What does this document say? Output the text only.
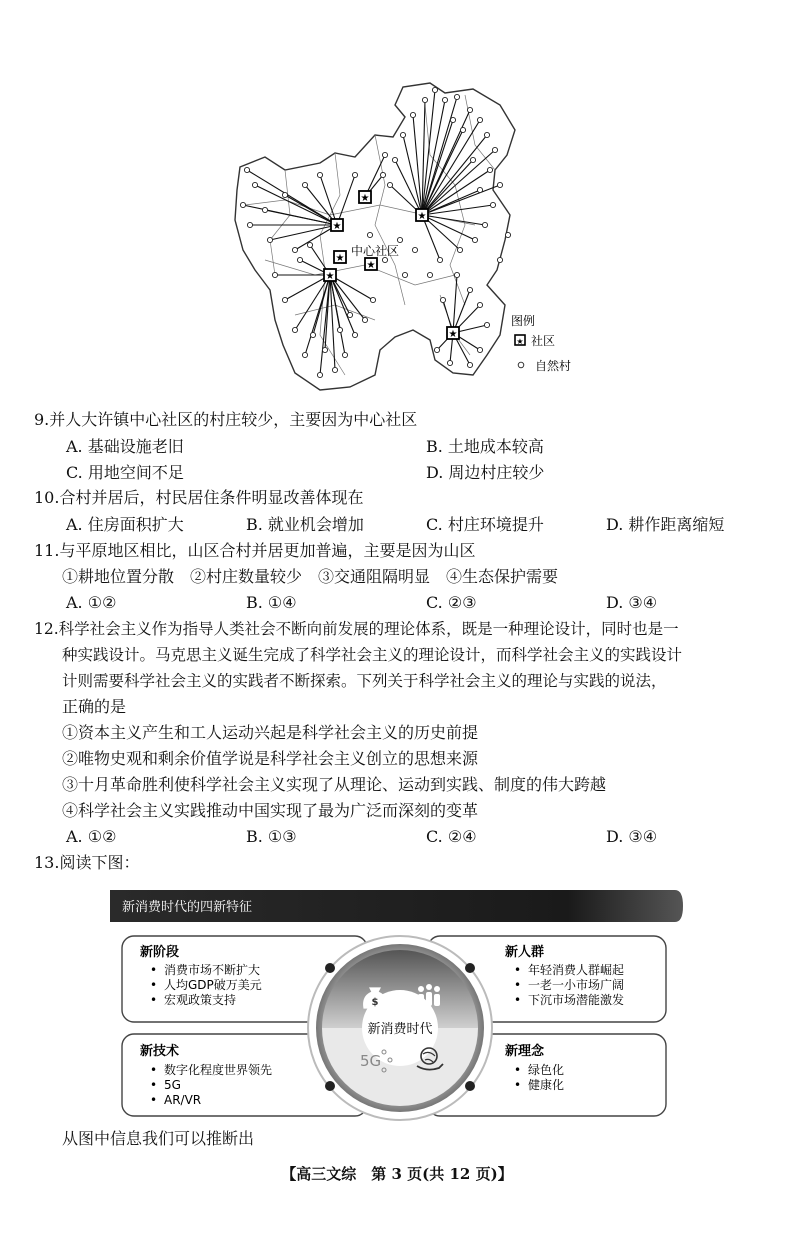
★
★
★
★
★
★
★
中心社区
图例
★ 社区
自然村
9.并人大许镇中心社区的村庄较少，主要因为中心社区
A. 基础设施老旧	B. 土地成本较高
C. 用地空间不足	D. 周边村庄较少
10.合村并居后，村民居住条件明显改善体现在
A. 住房面积扩大	B. 就业机会增加	C. 村庄环境提升	D. 耕作距离缩短
11.与平原地区相比，山区合村并居更加普遍，主要是因为山区
①耕地位置分散　②村庄数量较少　③交通阻隔明显　④生态保护需要
A. ①②	B. ①④	C. ②③	D. ③④
12.科学社会主义作为指导人类社会不断向前发展的理论体系，既是一种理论设计，同时也是一
种实践设计。马克思主义诞生完成了科学社会主义的理论设计，而科学社会主义的实践设计
计则需要科学社会主义的实践者不断探索。下列关于科学社会主义的理论与实践的说法，
正确的是
①资本主义产生和工人运动兴起是科学社会主义的历史前提
②唯物史观和剩余价值学说是科学社会主义创立的思想来源
③十月革命胜利使科学社会主义实现了从理论、运动到实践、制度的伟大跨越
④科学社会主义实践推动中国实现了最为广泛而深刻的变革
A. ①②	B. ①③	C. ②④	D. ③④
13.阅读下图：
新消费时代的四新特征
新消费时代
$
5G
新阶段	新人群
新技术	新理念
• 消费市场不断扩大
• 人均GDP破万美元
• 宏观政策支持
• 年轻消费人群崛起
• 一老一小市场广阔
• 下沉市场潜能激发
• 数字化程度世界领先
• 5G
• AR/VR
• 绿色化
• 健康化
从图中信息我们可以推断出
【高三文综　第 3 页(共 12 页)】
